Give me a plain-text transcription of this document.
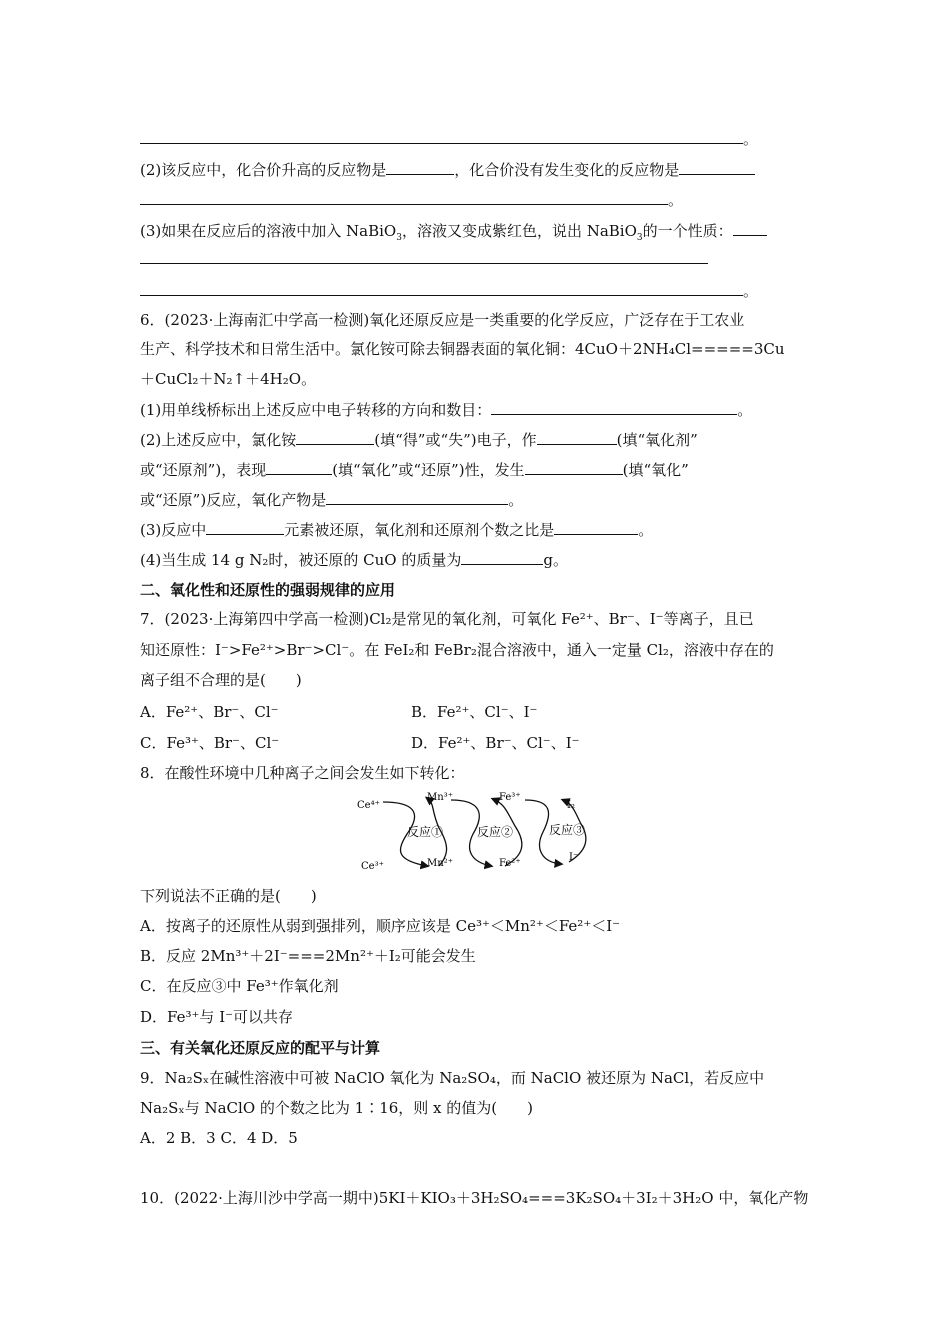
。
(2)该反应中，化合价升高的反应物是	，化合价没有发生变化的反应物是
。
(3)如果在反应后的溶液中加入 NaBiO$_3$，溶液又变成紫红色，说出 NaBiO$_3$的一个性质：
。
6．(2023·上海南汇中学高一检测)氧化还原反应是一类重要的化学反应，广泛存在于工农业
生产、科学技术和日常生活中。氯化铵可除去铜器表面的氧化铜：4CuO＋2NH₄Cl=====3Cu
＋CuCl₂＋N₂↑＋4H₂O。
(1)用单线桥标出上述反应中电子转移的方向和数目：	。
(2)上述反应中，氯化铵	(填“得”或“失”)电子，作	(填“氧化剂”
或“还原剂”)，表现	(填“氧化”或“还原”)性，发生	(填“氧化”
或“还原”)反应，氧化产物是	。
(3)反应中	元素被还原，氧化剂和还原剂个数之比是	。
(4)当生成 14 g N₂时，被还原的 CuO 的质量为	g。
二、氧化性和还原性的强弱规律的应用
7．(2023·上海第四中学高一检测)Cl₂是常见的氧化剂，可氧化 Fe²⁺、Br⁻、I⁻等离子，且已
知还原性：I⁻>Fe²⁺>Br⁻>Cl⁻。在 FeI₂和 FeBr₂混合溶液中，通入一定量 Cl₂，溶液中存在的
离子组不合理的是(　　)
A．Fe²⁺、Br⁻、Cl⁻	B．Fe²⁺、Cl⁻、I⁻
C．Fe³⁺、Br⁻、Cl⁻	D．Fe²⁺、Br⁻、Cl⁻、I⁻
8．在酸性环境中几种离子之间会发生如下转化：
Ce⁴⁺
Ce³⁺
Mn³⁺
Mn²⁺
Fe³⁺
Fe²⁺
I₂
I⁻
反应①	反应②	反应③
下列说法不正确的是(　　)
A．按离子的还原性从弱到强排列，顺序应该是 Ce³⁺＜Mn²⁺＜Fe²⁺＜I⁻
B．反应 2Mn³⁺＋2I⁻===2Mn²⁺＋I₂可能会发生
C．在反应③中 Fe³⁺作氧化剂
D．Fe³⁺与 I⁻可以共存
三、有关氧化还原反应的配平与计算
9．Na₂Sₓ在碱性溶液中可被 NaClO 氧化为 Na₂SO₄，而 NaClO 被还原为 NaCl，若反应中
Na₂Sₓ与 NaClO 的个数之比为 1∶16，则 x 的值为(　　)
A．2 B．3 C．4 D．5
10．(2022·上海川沙中学高一期中)5KI＋KIO₃＋3H₂SO₄===3K₂SO₄＋3I₂＋3H₂O 中，氧化产物
